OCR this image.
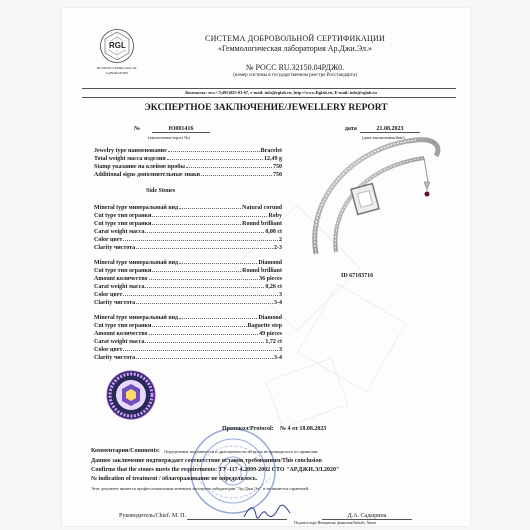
RGL
RUSSIAN GEMOLOGICAL LABORATORY
СИСТЕМА ДОБРОВОЛЬНОЙ СЕРТИФИКАЦИИ
«Геммологическая лаборатория Ар.Джи.Эл.»
№ РОСС RU.32150.04РДЖ0.
(номер системы в государственном реестре Росстандарта)
Контакты: тел.+7(495)025-03-67, e-mail: info@rglab.ru, http://www.Rglab.ru, E-mail: info@rglab.ru
ЭКСПЕРТНОЕ ЗАКЛЮЧЕНИЕ/JEWELLERY REPORT
№	Ю001416
(заключение/report №)
дата	21.08.2023
(дата заключения/date)
Jewelry type наименование	Bracelet
Total weight масса изделия	12,49 g
Stamp указание на клеймо пробы	750
Additional signs дополнительные знаки	750
Side Stones
Mineral type минеральный вид	Natural corund
Cut type тип огранки	Roby
Cut type тип огранки	Round brilliant
Carat weight масса	0,08 ct
Color цвет	2
Clarity чистота	2-3
Mineral type минеральный вид	Diamond
Cut type тип огранки	Round brilliant
Amount количество	36 pieces
Carat weight масса	0,26 ct
Color цвет	3
Clarity чистота	3-4
Mineral type минеральный вид	Diamond
Cut type тип огранки	Baguette step
Amount количество	49 pieces
Carat weight масса	1,72 ct
Color цвет	3
Clarity чистота	3-4
ID 67183716
Протокол/Protocol: № 4 от 18.08.2023
Комментарии/Comments: Определение подлинности и драгоценности металла не проводилось по правилам
Данное заключение подтверждает соответствие вставок требованиям/This conclusion
Confirms that the stones meets the requirements: ТУ-117-4.2099-2002 СТО "АР.ДЖИ.ЭЛ.2020"
№ indication of treatment / облагораживание не определялось.
Этот документ является профессиональным мнением экспертов лаборатории "Ар.Джи.Эл." и не является гарантией.
Руководитель/Chief. М. П.	Д.А. Садырина
Подпись/sign Инициалы, фамилия/Initials, Name
